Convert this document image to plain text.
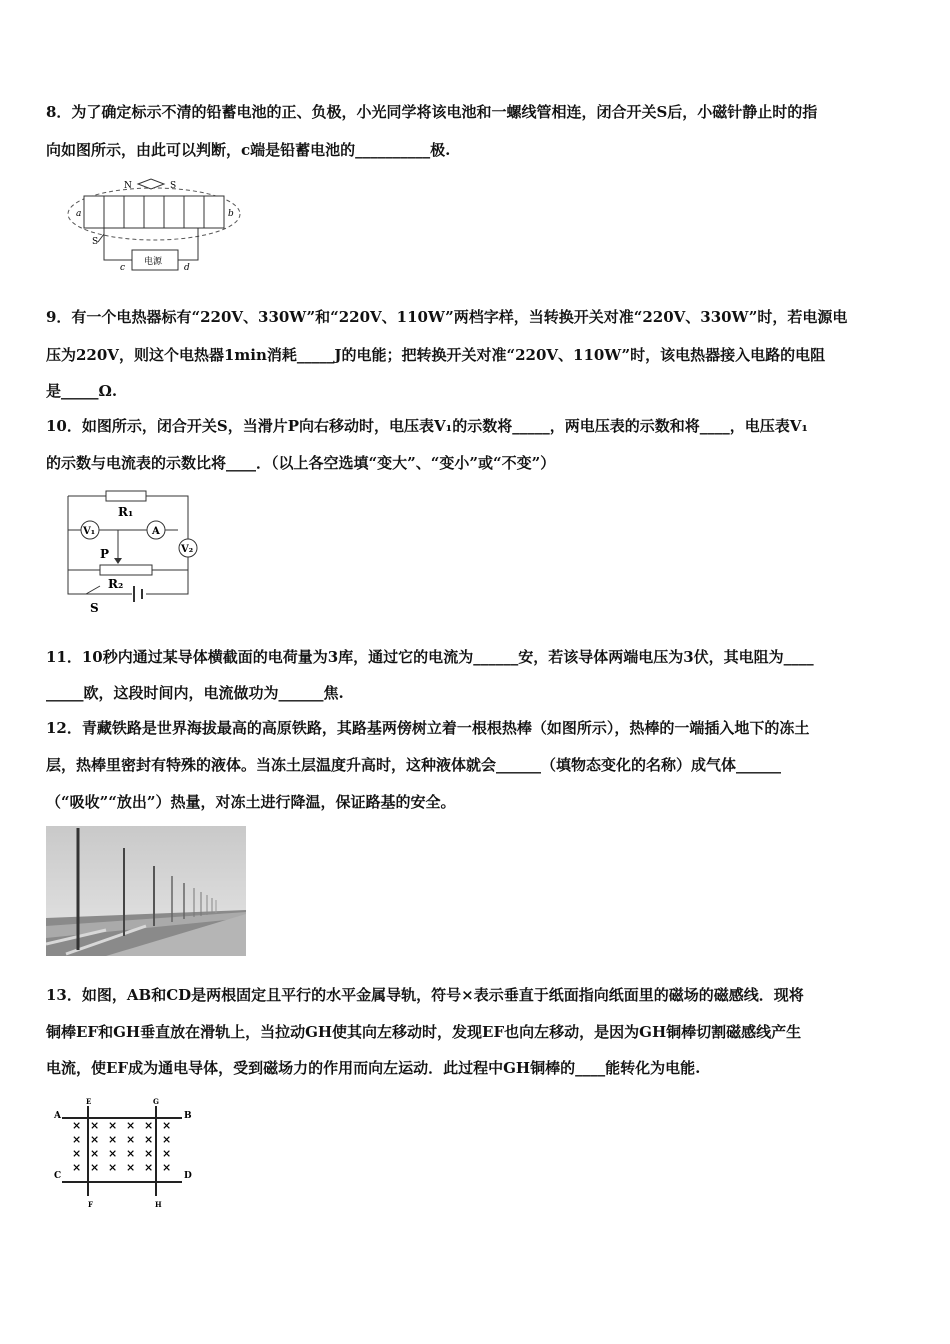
8．为了确定标示不清的铅蓄电池的正、负极，小光同学将该电池和一螺线管相连，闭合开关S后，小磁针静止时的指
向如图所示，由此可以判断，c端是铅蓄电池的__________极.
N	S
a	b
S
电源
c	d
9．有一个电热器标有“220V、330W”和“220V、110W”两档字样，当转换开关对准“220V、330W”时，若电源电
压为220V，则这个电热器1min消耗_____J的电能；把转换开关对准“220V、110W”时，该电热器接入电路的电阻
是_____Ω.
10．如图所示，闭合开关S，当滑片P向右移动时，电压表V₁的示数将_____，两电压表的示数和将____，电压表V₁
的示数与电流表的示数比将____．（以上各空选填“变大”、“变小”或“不变”）
R₁
V₁	A
V₂
P
R₂
S
11．10秒内通过某导体横截面的电荷量为3库，通过它的电流为______安，若该导体两端电压为3伏，其电阻为____
_____欧，这段时间内，电流做功为______焦.
12．青藏铁路是世界海拔最高的高原铁路，其路基两傍树立着一根根热棒（如图所示），热棒的一端插入地下的冻土
层，热棒里密封有特殊的液体。当冻土层温度升高时，这种液体就会______（填物态变化的名称）成气体______
（“吸收”“放出”）热量，对冻土进行降温，保证路基的安全。
13．如图，AB和CD是两根固定且平行的水平金属导轨，符号×表示垂直于纸面指向纸面里的磁场的磁感线．现将
铜棒EF和GH垂直放在滑轨上，当拉动GH使其向左移动时，发现EF也向左移动，是因为GH铜棒切割磁感线产生
电流，使EF成为通电导体，受到磁场力的作用而向左运动．此过程中GH铜棒的____能转化为电能.
A	B
C	D
E
F
G
H
× × × × × ×
× × × × × ×
× × × × × ×
× × × × × ×
